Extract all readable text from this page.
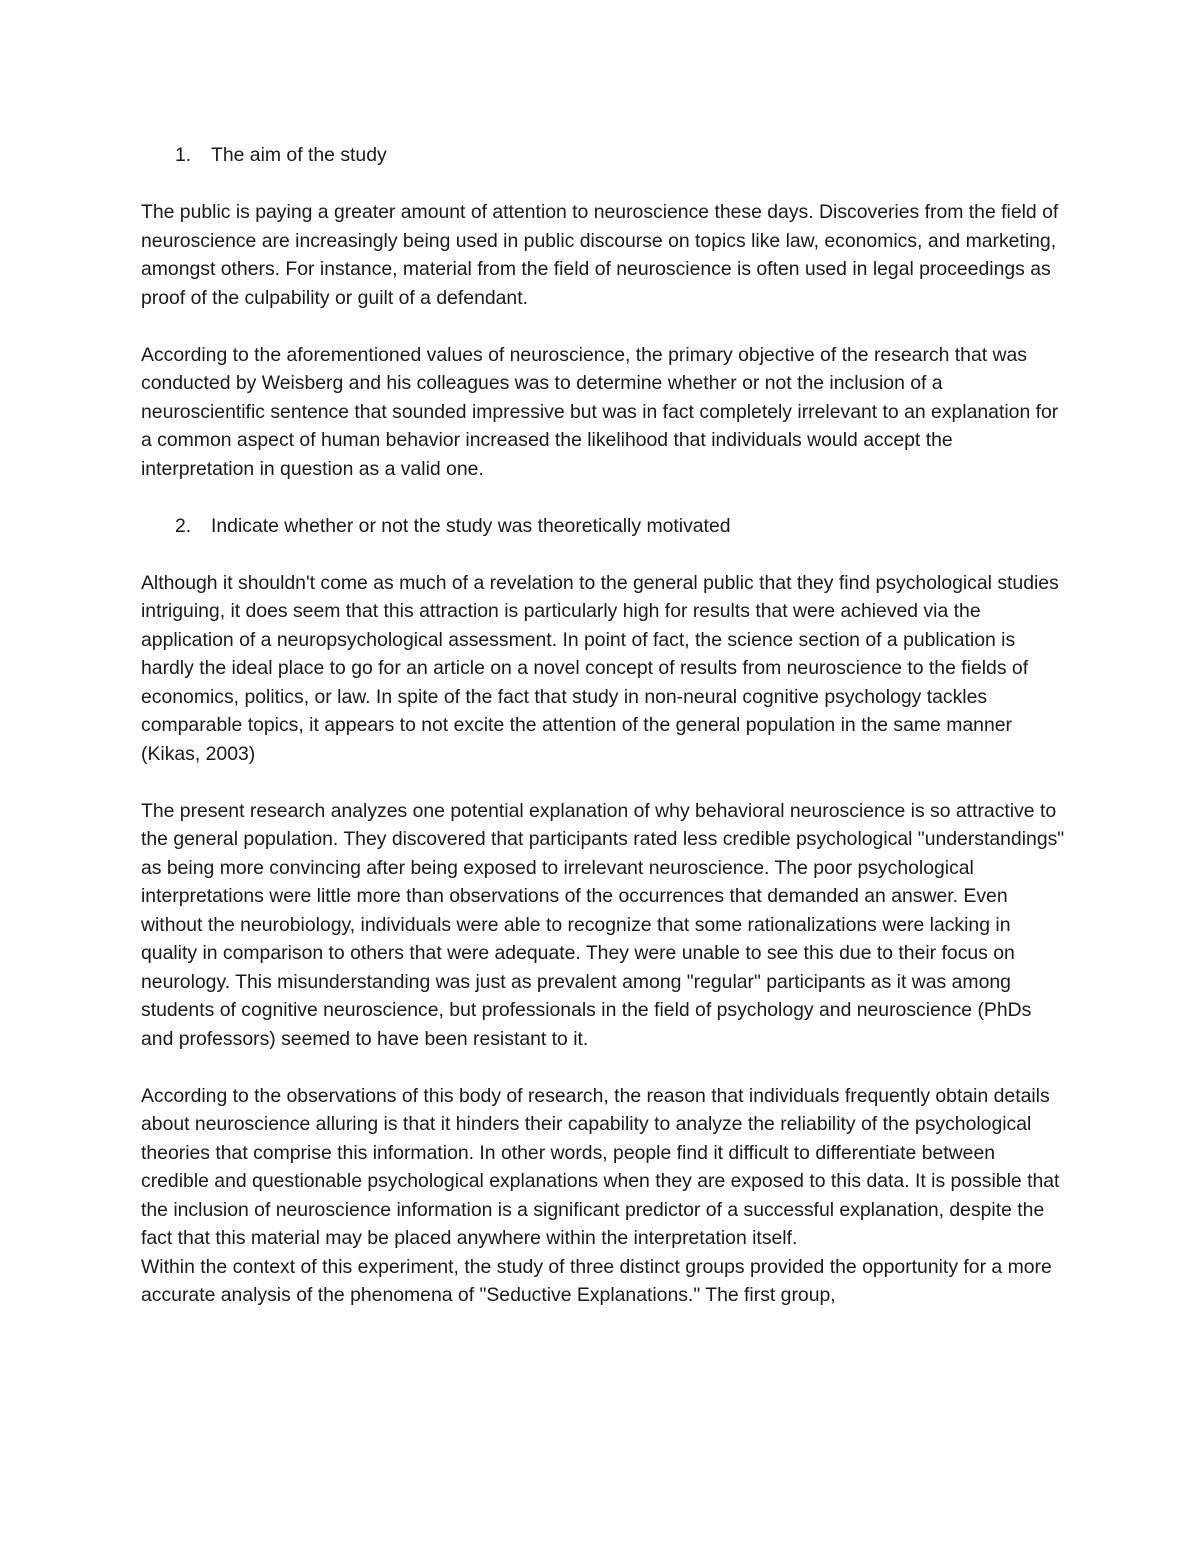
1. The aim of the study

The public is paying a greater amount of attention to neuroscience these days. Discoveries from the field of neuroscience are increasingly being used in public discourse on topics like law, economics, and marketing, amongst others. For instance, material from the field of neuroscience is often used in legal proceedings as proof of the culpability or guilt of a defendant.

According to the aforementioned values of neuroscience, the primary objective of the research that was conducted by Weisberg and his colleagues was to determine whether or not the inclusion of a neuroscientific sentence that sounded impressive but was in fact completely irrelevant to an explanation for a common aspect of human behavior increased the likelihood that individuals would accept the interpretation in question as a valid one.

2. Indicate whether or not the study was theoretically motivated

Although it shouldn't come as much of a revelation to the general public that they find psychological studies intriguing, it does seem that this attraction is particularly high for results that were achieved via the application of a neuropsychological assessment. In point of fact, the science section of a publication is hardly the ideal place to go for an article on a novel concept of results from neuroscience to the fields of economics, politics, or law. In spite of the fact that study in non-neural cognitive psychology tackles comparable topics, it appears to not excite the attention of the general population in the same manner (Kikas, 2003)

The present research analyzes one potential explanation of why behavioral neuroscience is so attractive to the general population. They discovered that participants rated less credible psychological "understandings" as being more convincing after being exposed to irrelevant neuroscience. The poor psychological interpretations were little more than observations of the occurrences that demanded an answer. Even without the neurobiology, individuals were able to recognize that some rationalizations were lacking in quality in comparison to others that were adequate. They were unable to see this due to their focus on neurology. This misunderstanding was just as prevalent among "regular" participants as it was among students of cognitive neuroscience, but professionals in the field of psychology and neuroscience (PhDs and professors) seemed to have been resistant to it.

According to the observations of this body of research, the reason that individuals frequently obtain details about neuroscience alluring is that it hinders their capability to analyze the reliability of the psychological theories that comprise this information. In other words, people find it difficult to differentiate between credible and questionable psychological explanations when they are exposed to this data. It is possible that the inclusion of neuroscience information is a significant predictor of a successful explanation, despite the fact that this material may be placed anywhere within the interpretation itself.

Within the context of this experiment, the study of three distinct groups provided the opportunity for a more accurate analysis of the phenomena of "Seductive Explanations." The first group,
